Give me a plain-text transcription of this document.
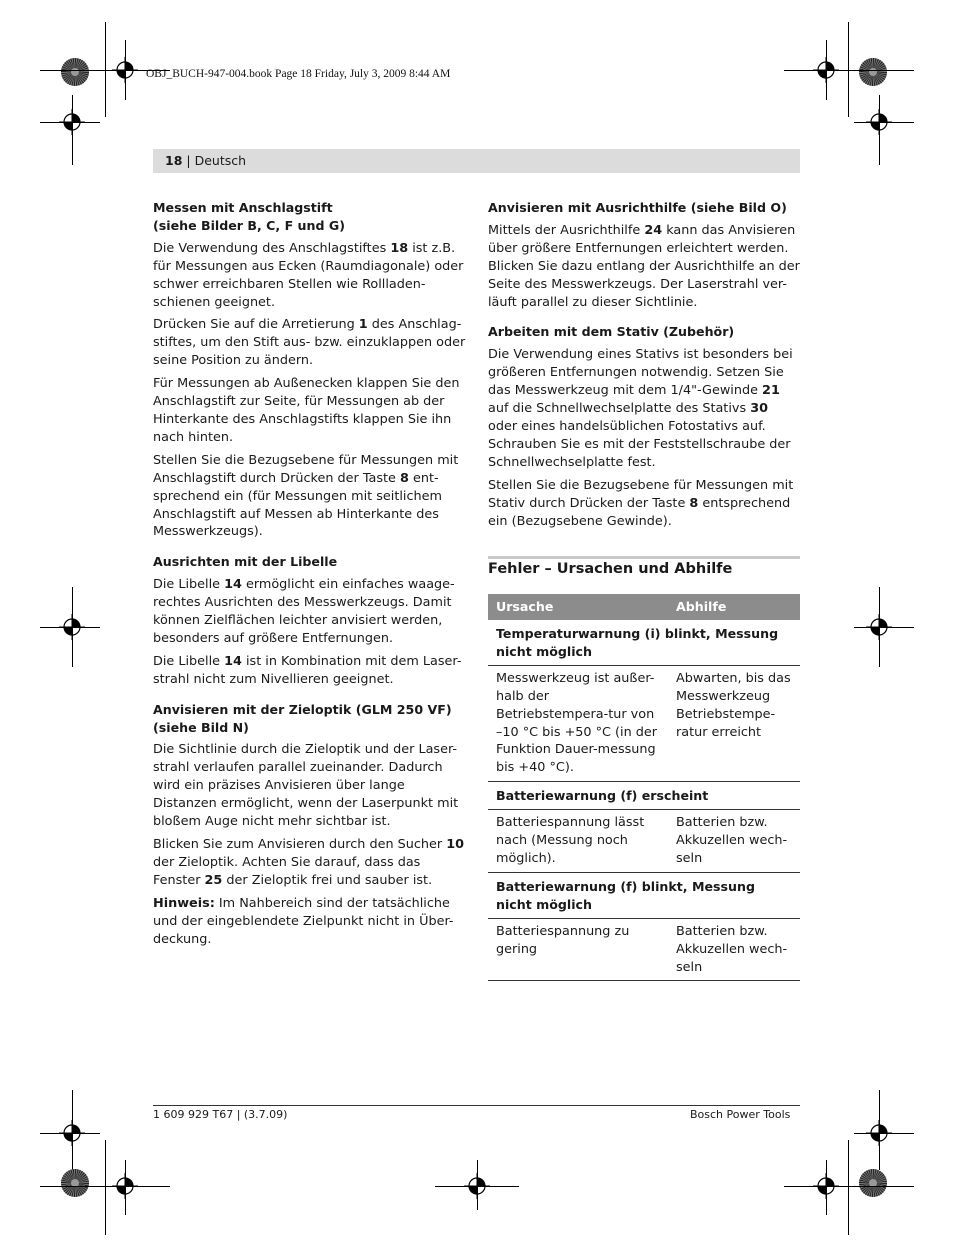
OBJ_BUCH-947-004.book Page 18 Friday, July 3, 2009 8:44 AM
18 | Deutsch
Messen mit Anschlagstift
(siehe Bilder B, C, F und G)

Die Verwendung des Anschlagstiftes 18 ist z.B. für Messungen aus Ecken (Raumdiagonale) oder schwer erreichbaren Stellen wie Rollladen-schienen geeignet.

Drücken Sie auf die Arretierung 1 des Anschlag-stiftes, um den Stift aus- bzw. einzuklappen oder seine Position zu ändern.

Für Messungen ab Außenecken klappen Sie den Anschlagstift zur Seite, für Messungen ab der Hinterkante des Anschlagstifts klappen Sie ihn nach hinten.

Stellen Sie die Bezugsebene für Messungen mit Anschlagstift durch Drücken der Taste 8 ent-sprechend ein (für Messungen mit seitlichem Anschlagstift auf Messen ab Hinterkante des Messwerkzeugs).

Ausrichten mit der Libelle

Die Libelle 14 ermöglicht ein einfaches waage-rechtes Ausrichten des Messwerkzeugs. Damit können Zielflächen leichter anvisiert werden, besonders auf größere Entfernungen.

Die Libelle 14 ist in Kombination mit dem Laser-strahl nicht zum Nivellieren geeignet.

Anvisieren mit der Zieloptik (GLM 250 VF)
(siehe Bild N)

Die Sichtlinie durch die Zieloptik und der Laser-strahl verlaufen parallel zueinander. Dadurch wird ein präzises Anvisieren über lange Distanzen ermöglicht, wenn der Laserpunkt mit bloßem Auge nicht mehr sichtbar ist.

Blicken Sie zum Anvisieren durch den Sucher 10 der Zieloptik. Achten Sie darauf, dass das Fenster 25 der Zieloptik frei und sauber ist.

Hinweis: Im Nahbereich sind der tatsächliche und der eingeblendete Zielpunkt nicht in Über-deckung.

Anvisieren mit Ausrichthilfe (siehe Bild O)

Mittels der Ausrichthilfe 24 kann das Anvisieren über größere Entfernungen erleichtert werden. Blicken Sie dazu entlang der Ausrichthilfe an der Seite des Messwerkzeugs. Der Laserstrahl ver-läuft parallel zu dieser Sichtlinie.

Arbeiten mit dem Stativ (Zubehör)

Die Verwendung eines Stativs ist besonders bei größeren Entfernungen notwendig. Setzen Sie das Messwerkzeug mit dem 1/4"-Gewinde 21 auf die Schnellwechselplatte des Stativs 30 oder eines handelsüblichen Fotostativs auf. Schrauben Sie es mit der Feststellschraube der Schnellwechselplatte fest.

Stellen Sie die Bezugsebene für Messungen mit Stativ durch Drücken der Taste 8 entsprechend ein (Bezugsebene Gewinde).

Fehler – Ursachen und Abhilfe
Ursache	Abhilfe
Temperaturwarnung (i) blinkt, Messung nicht möglich	
Messwerkzeug ist außer-halb der Betriebstempera-tur von –10 °C bis +50 °C (in der Funktion Dauer-messung bis +40 °C).	Abwarten, bis das Messwerkzeug Betriebstempe-ratur erreicht
Batteriewarnung (f) erscheint	
Batteriespannung lässt nach (Messung noch möglich).	Batterien bzw. Akkuzellen wech-seln
Batteriewarnung (f) blinkt, Messung nicht möglich	
Batteriespannung zu gering	Batterien bzw. Akkuzellen wech-seln
1 609 929 T67 | (3.7.09)	Bosch Power Tools
